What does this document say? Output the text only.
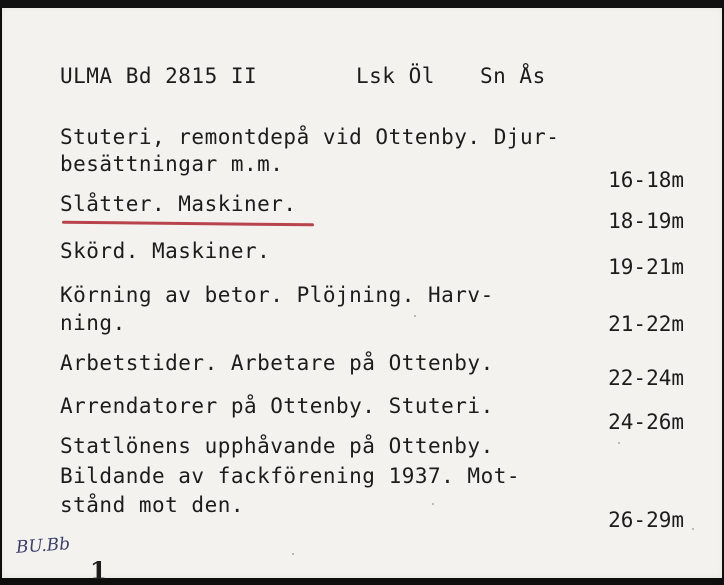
ULMA Bd 2815 II	Lsk Öl Sn Ås
Stuteri, remontdepå vid Ottenby. Djur-
besättningar m.m.
16-18m
Slåtter. Maskiner.
18-19m
Skörd. Maskiner.
19-21m
Körning av betor. Plöjning. Harv-
ning.	21-22m
Arbetstider. Arbetare på Ottenby.
22-24m
Arrendatorer på Ottenby. Stuteri.
24-26m
Statlönens upphåvande på Ottenby.
Bildande av fackförening 1937. Mot-
stånd mot den.
26-29m
BU.Bb
1
